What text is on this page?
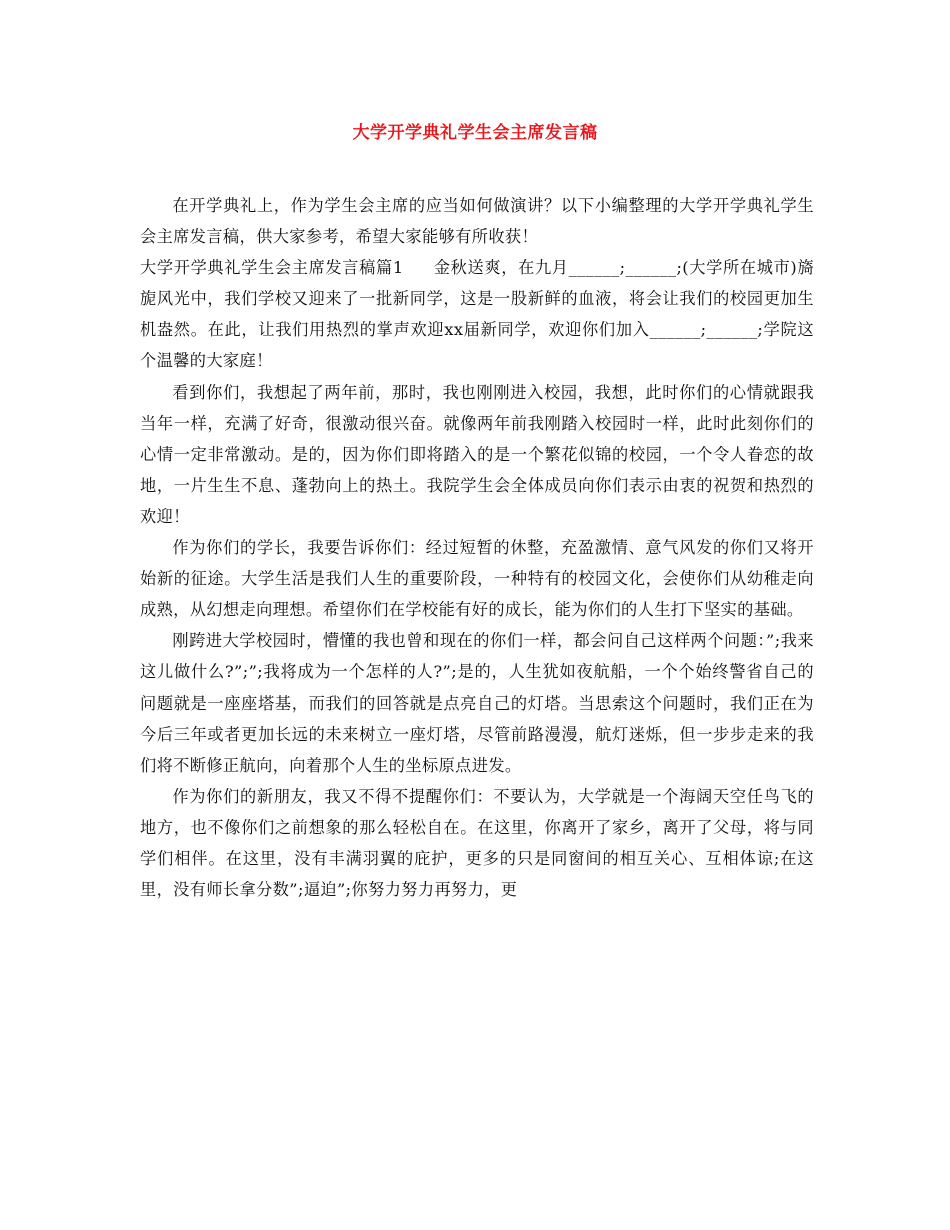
大学开学典礼学生会主席发言稿

在开学典礼上，作为学生会主席的应当如何做演讲？以下小编整理的大学开学典礼学生会主席发言稿，供大家参考，希望大家能够有所收获！

大学开学典礼学生会主席发言稿篇1 金秋送爽，在九月______;______;(大学所在城市)旖旎风光中，我们学校又迎来了一批新同学，这是一股新鲜的血液，将会让我们的校园更加生机盎然。在此，让我们用热烈的掌声欢迎xx届新同学，欢迎你们加入______;______;学院这个温馨的大家庭！

看到你们，我想起了两年前，那时，我也刚刚进入校园，我想，此时你们的心情就跟我当年一样，充满了好奇，很激动很兴奋。就像两年前我刚踏入校园时一样，此时此刻你们的心情一定非常激动。是的，因为你们即将踏入的是一个繁花似锦的校园，一个令人眷恋的故地，一片生生不息、蓬勃向上的热土。我院学生会全体成员向你们表示由衷的祝贺和热烈的欢迎！

作为你们的学长，我要告诉你们：经过短暂的休整，充盈激情、意气风发的你们又将开始新的征途。大学生活是我们人生的重要阶段，一种特有的校园文化，会使你们从幼稚走向成熟，从幻想走向理想。希望你们在学校能有好的成长，能为你们的人生打下坚实的基础。

刚跨进大学校园时，懵懂的我也曾和现在的你们一样，都会问自己这样两个问题：”;我来这儿做什么?”;”;我将成为一个怎样的人?”;是的，人生犹如夜航船，一个个始终警省自己的问题就是一座座塔基，而我们的回答就是点亮自己的灯塔。当思索这个问题时，我们正在为今后三年或者更加长远的未来树立一座灯塔，尽管前路漫漫，航灯迷烁，但一步步走来的我们将不断修正航向，向着那个人生的坐标原点进发。

作为你们的新朋友，我又不得不提醒你们：不要认为，大学就是一个海阔天空任鸟飞的地方，也不像你们之前想象的那么轻松自在。在这里，你离开了家乡，离开了父母，将与同学们相伴。在这里，没有丰满羽翼的庇护，更多的只是同窗间的相互关心、互相体谅;在这里，没有师长拿分数”;逼迫”;你努力努力再努力，更
